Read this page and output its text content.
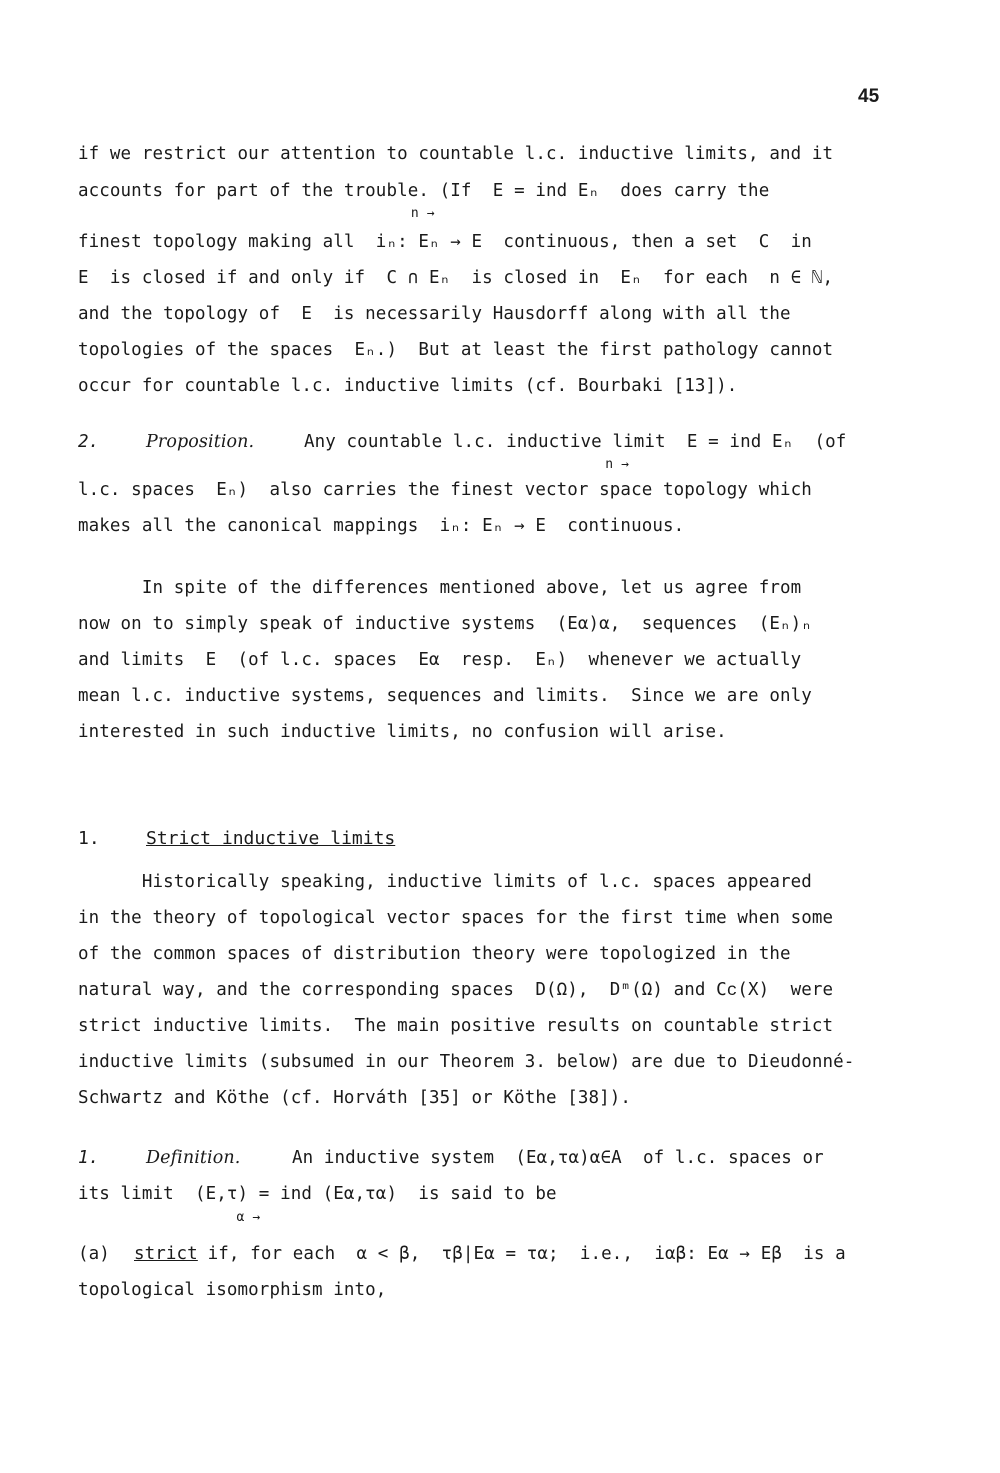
45
if we restrict our attention to countable l.c. inductive limits, and it
accounts for part of the trouble. (If  E = ind Eₙ  does carry the
n →
finest topology making all  iₙ: Eₙ → E  continuous, then a set  C  in
E  is closed if and only if  C ∩ Eₙ  is closed in  Eₙ  for each  n ∈ ℕ,
and the topology of  E  is necessarily Hausdorff along with all the
topologies of the spaces  Eₙ.)  But at least the first pathology cannot
occur for countable l.c. inductive limits (cf. Bourbaki [13]).
2.	Proposition.	Any countable l.c. inductive limit  E = ind Eₙ  (of
n →
l.c. spaces  Eₙ)  also carries the finest vector space topology which
makes all the canonical mappings  iₙ: Eₙ → E  continuous.
In spite of the differences mentioned above, let us agree from
now on to simply speak of inductive systems  (Eα)α,  sequences  (Eₙ)ₙ
and limits  E  (of l.c. spaces  Eα  resp.  Eₙ)  whenever we actually
mean l.c. inductive systems, sequences and limits.  Since we are only
interested in such inductive limits, no confusion will arise.
1.	Strict inductive limits
Historically speaking, inductive limits of l.c. spaces appeared
in the theory of topological vector spaces for the first time when some
of the common spaces of distribution theory were topologized in the
natural way, and the corresponding spaces  D(Ω),  Dᵐ(Ω) and Cᴄ(X)  were
strict inductive limits.  The main positive results on countable strict
inductive limits (subsumed in our Theorem 3. below) are due to Dieudonné-
Schwartz and Köthe (cf. Horváth [35] or Köthe [38]).
1.	Definition.	An inductive system  (Eα,τα)α∈A  of l.c. spaces or
its limit  (E,τ) = ind (Eα,τα)  is said to be
α →
(a) strict if, for each  α < β,  τβ|Eα = τα;  i.e.,  iαβ: Eα → Eβ  is a
topological isomorphism into,
